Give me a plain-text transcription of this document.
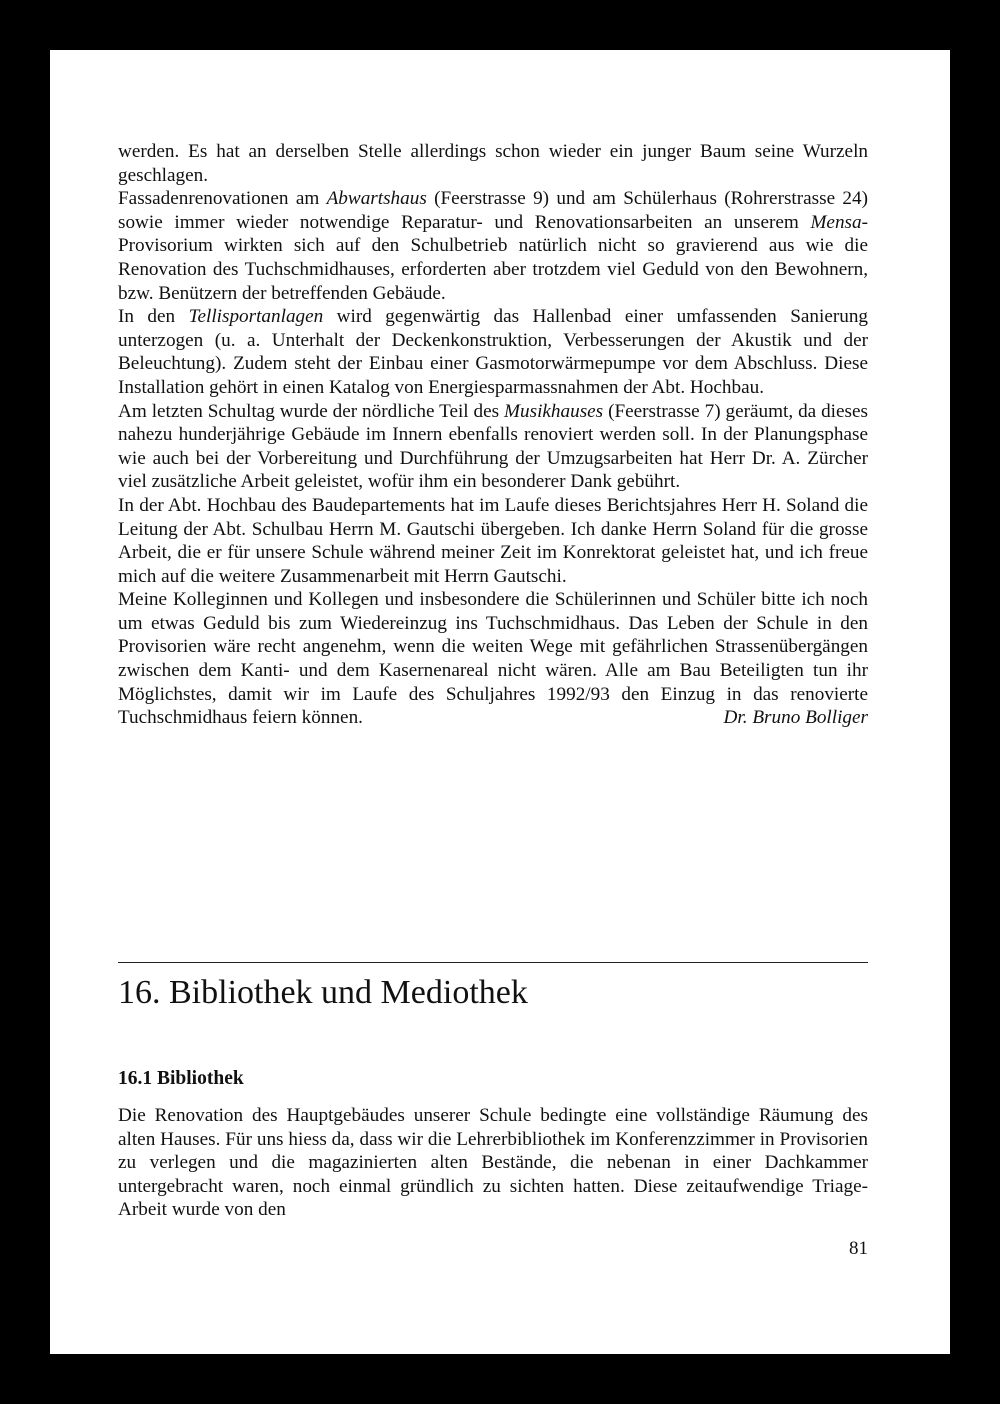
werden. Es hat an derselben Stelle allerdings schon wieder ein junger Baum seine Wurzeln geschlagen.

Fassadenrenovationen am Abwartshaus (Feerstrasse 9) und am Schülerhaus (Rohrerstrasse 24) sowie immer wieder notwendige Reparatur- und Renovationsarbeiten an unserem Mensa-Provisorium wirkten sich auf den Schulbetrieb natürlich nicht so gravierend aus wie die Renovation des Tuchschmidhauses, erforderten aber trotzdem viel Geduld von den Bewohnern, bzw. Benützern der betreffenden Gebäude.

In den Tellisportanlagen wird gegenwärtig das Hallenbad einer umfassenden Sanierung unterzogen (u. a. Unterhalt der Deckenkonstruktion, Verbesserungen der Akustik und der Beleuchtung). Zudem steht der Einbau einer Gasmotorwärmepumpe vor dem Abschluss. Diese Installation gehört in einen Katalog von Energiesparmassnahmen der Abt. Hochbau.

Am letzten Schultag wurde der nördliche Teil des Musikhauses (Feerstrasse 7) geräumt, da dieses nahezu hunderjährige Gebäude im Innern ebenfalls renoviert werden soll. In der Planungsphase wie auch bei der Vorbereitung und Durchführung der Umzugsarbeiten hat Herr Dr. A. Zürcher viel zusätzliche Arbeit geleistet, wofür ihm ein besonderer Dank gebührt.

In der Abt. Hochbau des Baudepartements hat im Laufe dieses Berichtsjahres Herr H. Soland die Leitung der Abt. Schulbau Herrn M. Gautschi übergeben. Ich danke Herrn Soland für die grosse Arbeit, die er für unsere Schule während meiner Zeit im Konrektorat geleistet hat, und ich freue mich auf die weitere Zusammenarbeit mit Herrn Gautschi.

Meine Kolleginnen und Kollegen und insbesondere die Schülerinnen und Schüler bitte ich noch um etwas Geduld bis zum Wiedereinzug ins Tuchschmidhaus. Das Leben der Schule in den Provisorien wäre recht angenehm, wenn die weiten Wege mit gefährlichen Strassenübergängen zwischen dem Kanti- und dem Kasernenareal nicht wären. Alle am Bau Beteiligten tun ihr Möglichstes, damit wir im Laufe des Schuljahres 1992/93 den Einzug in das renovierte Tuchschmidhaus feiern können.	Dr. Bruno Bolliger

16. Bibliothek und Mediothek
16.1 Bibliothek

Die Renovation des Hauptgebäudes unserer Schule bedingte eine vollständige Räumung des alten Hauses. Für uns hiess da, dass wir die Lehrerbibliothek im Konferenzzimmer in Provisorien zu verlegen und die magazinierten alten Bestände, die nebenan in einer Dachkammer untergebracht waren, noch einmal gründlich zu sichten hatten. Diese zeitaufwendige Triage-Arbeit wurde von den

81
